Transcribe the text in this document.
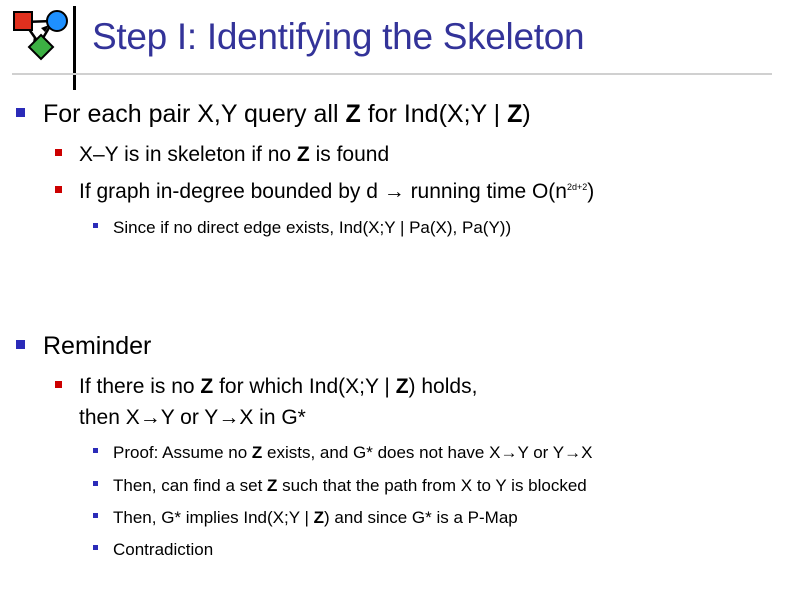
Step I: Identifying the Skeleton
For each pair X,Y query all Z for Ind(X;Y | Z)
X–Y is in skeleton if no Z is found
If graph in-degree bounded by d → running time $O(n^{2d+2})$
Since if no direct edge exists, Ind(X;Y | Pa(X), Pa(Y))
Reminder
If there is no Z for which Ind(X;Y | Z) holds,
then X→Y or Y→X in G*
Proof: Assume no Z exists, and G* does not have X→Y or Y→X
Then, can find a set Z such that the path from X to Y is blocked
Then, G* implies Ind(X;Y | Z) and since G* is a P-Map
Contradiction
